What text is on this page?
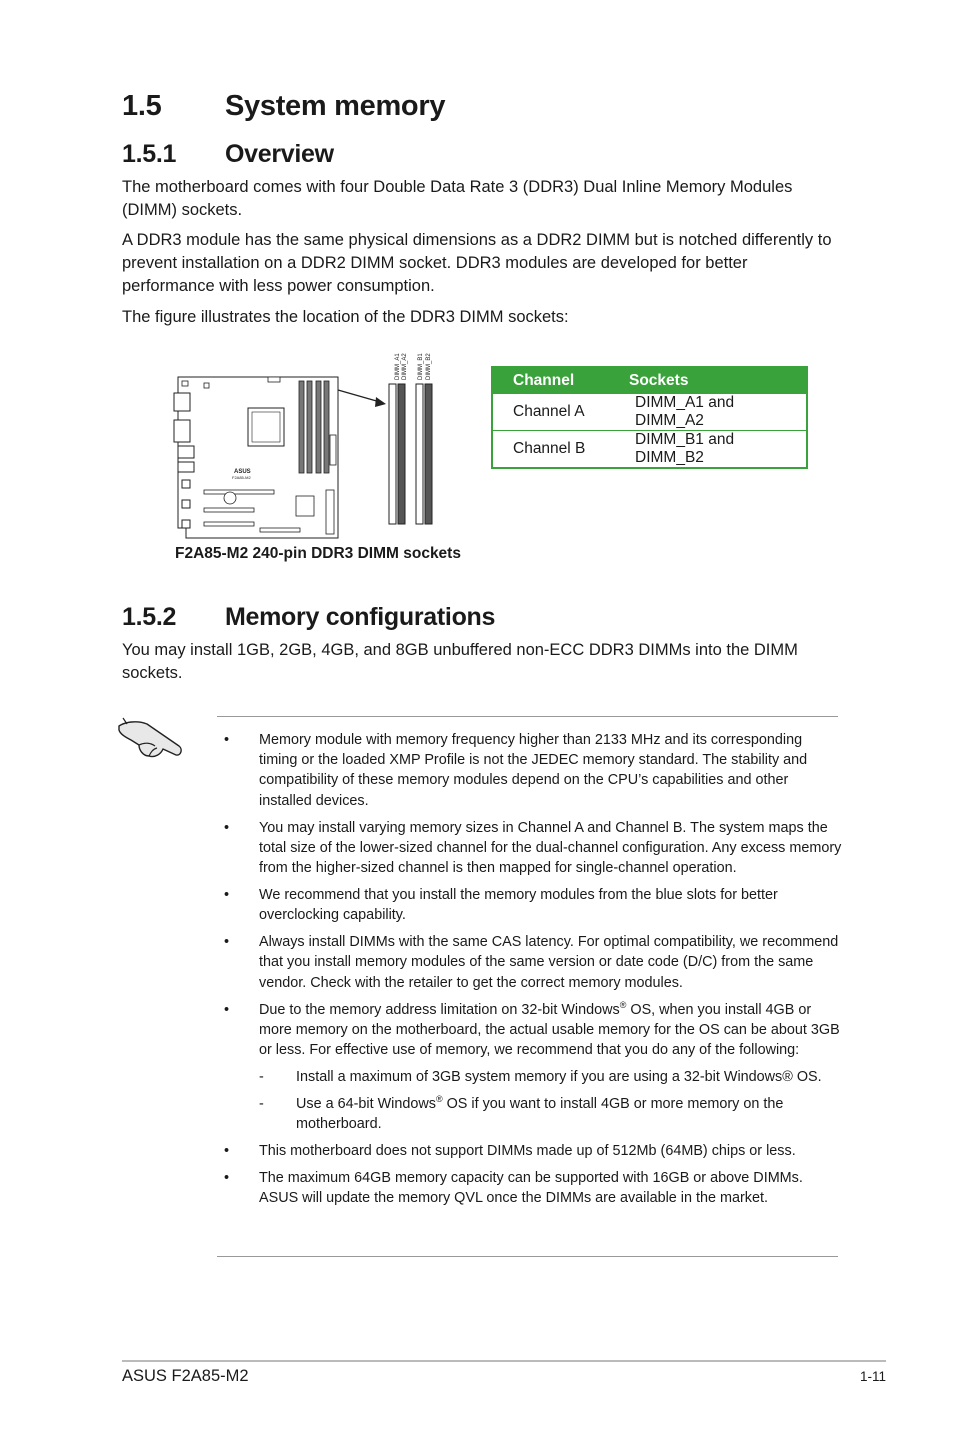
1.5 System memory
1.5.1 Overview

The motherboard comes with four Double Data Rate 3 (DDR3) Dual Inline Memory Modules (DIMM) sockets.

A DDR3 module has the same physical dimensions as a DDR2 DIMM but is notched differently to prevent installation on a DDR2 DIMM socket. DDR3 modules are developed for better performance with less power consumption.

The figure illustrates the location of the DDR3 DIMM sockets:

ASUS
F2A85-M2
DIMM_A1 DIMM_A2 DIMM_B1 DIMM_B2
F2A85-M2 240-pin DDR3 DIMM sockets
Channel	Sockets
Channel A	DIMM_A1 and DIMM_A2
Channel B	DIMM_B1 and DIMM_B2
1.5.2 Memory configurations

You may install 1GB, 2GB, 4GB, and 8GB unbuffered non-ECC DDR3 DIMMs into the DIMM sockets.

• Memory module with memory frequency higher than 2133 MHz and its corresponding timing or the loaded XMP Profile is not the JEDEC memory standard. The stability and compatibility of these memory modules depend on the CPU’s capabilities and other installed devices.
• You may install varying memory sizes in Channel A and Channel B. The system maps the total size of the lower-sized channel for the dual-channel configuration. Any excess memory from the higher-sized channel is then mapped for single-channel operation.
• We recommend that you install the memory modules from the blue slots for better overclocking capability.
• Always install DIMMs with the same CAS latency. For optimal compatibility, we recommend that you install memory modules of the same version or date code (D/C) from the same vendor. Check with the retailer to get the correct memory modules.
• Due to the memory address limitation on 32-bit Windows® OS, when you install 4GB or more memory on the motherboard, the actual usable memory for the OS can be about 3GB or less. For effective use of memory, we recommend that you do any of the following:
- Install a maximum of 3GB system memory if you are using a 32-bit Windows® OS.
- Use a 64-bit Windows® OS if you want to install 4GB or more memory on the motherboard.
• This motherboard does not support DIMMs made up of 512Mb (64MB) chips or less.
• The maximum 64GB memory capacity can be supported with 16GB or above DIMMs. ASUS will update the memory QVL once the DIMMs are available in the market.
ASUS F2A85-M2	1-11
